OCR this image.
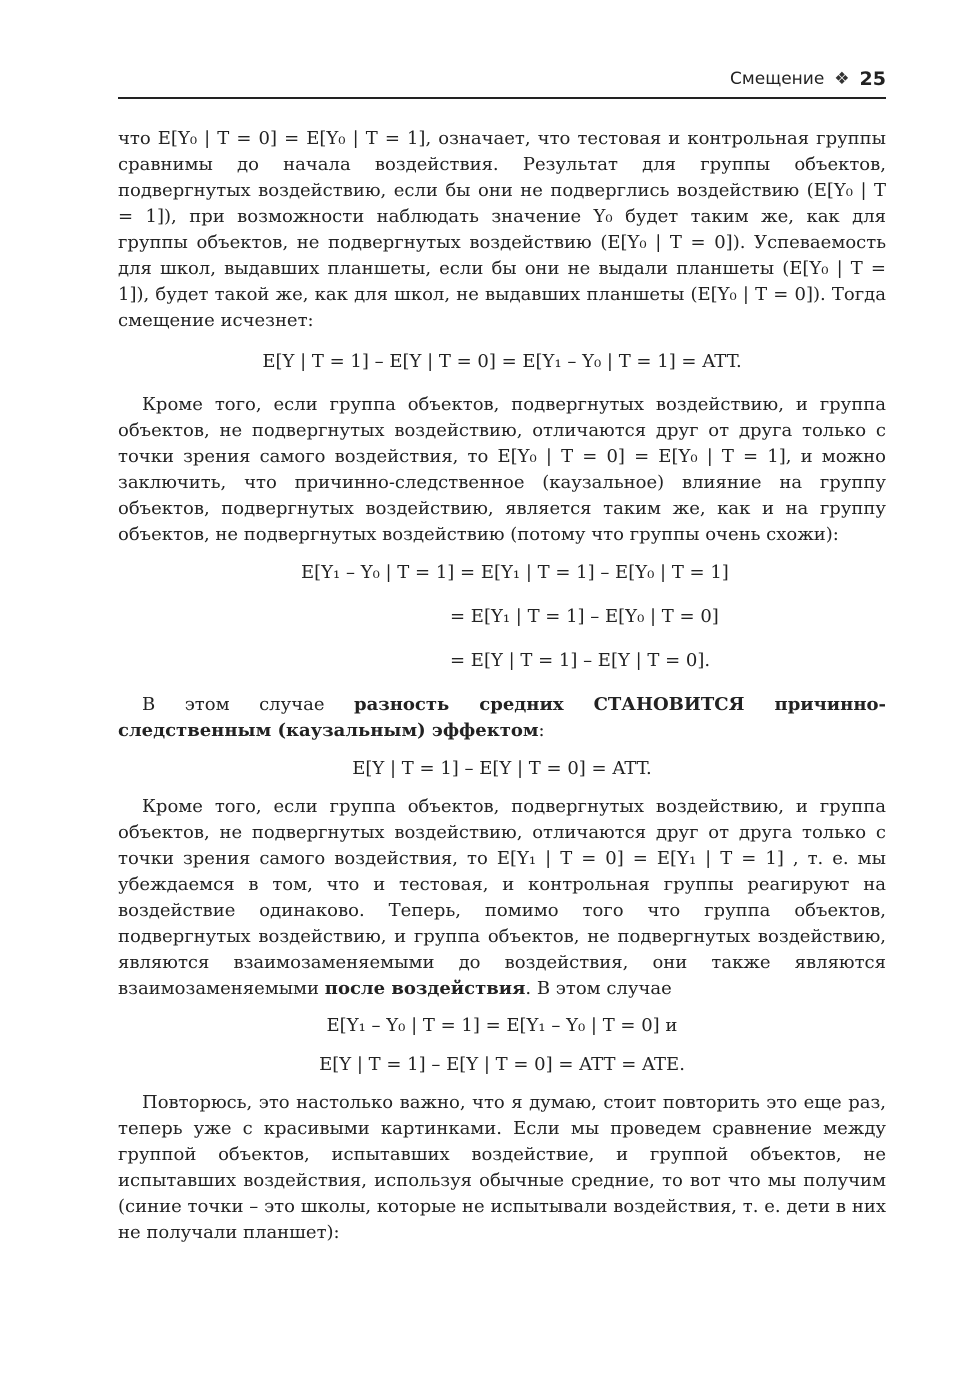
Смещение ❖ 25

что E[Y₀ | T = 0] = E[Y₀ | T = 1], означает, что тестовая и контрольная группы сравнимы до начала воздействия. Результат для группы объектов, подвергнутых воздействию, если бы они не подверглись воздействию (E[Y₀ | T = 1]), при возможности наблюдать значение Y₀ будет таким же, как для группы объектов, не подвергнутых воздействию (E[Y₀ | T = 0]). Успеваемость для школ, выдавших планшеты, если бы они не выдали планшеты (E[Y₀ | T = 1]), будет такой же, как для школ, не выдавших планшеты (E[Y₀ | T = 0]). Тогда смещение исчезнет:

E[Y | T = 1] – E[Y | T = 0] = E[Y₁ – Y₀ | T = 1] = ATT.

Кроме того, если группа объектов, подвергнутых воздействию, и группа объектов, не подвергнутых воздействию, отличаются друг от друга только с точки зрения самого воздействия, то E[Y₀ | T = 0] = E[Y₀ | T = 1], и можно заключить, что причинно-следственное (каузальное) влияние на группу объектов, подвергнутых воздействию, является таким же, как и на группу объектов, не подвергнутых воздействию (потому что группы очень схожи):

E[Y₁ – Y₀ | T = 1] = E[Y₁ | T = 1] – E[Y₀ | T = 1]
= E[Y₁ | T = 1] – E[Y₀ | T = 0]
= E[Y | T = 1] – E[Y | T = 0].

В этом случае разность средних СТАНОВИТСЯ причинно-следственным (каузальным) эффектом:

E[Y | T = 1] – E[Y | T = 0] = ATT.

Кроме того, если группа объектов, подвергнутых воздействию, и группа объектов, не подвергнутых воздействию, отличаются друг от друга только с точки зрения самого воздействия, то E[Y₁ | T = 0] = E[Y₁ | T = 1] , т. е. мы убеждаемся в том, что и тестовая, и контрольная группы реагируют на воздействие одинаково. Теперь, помимо того что группа объектов, подвергнутых воздействию, и группа объектов, не подвергнутых воздействию, являются взаимозаменяемыми до воздействия, они также являются взаимозаменяемыми после воздействия. В этом случае

E[Y₁ – Y₀ | T = 1] = E[Y₁ – Y₀ | T = 0] и
E[Y | T = 1] – E[Y | T = 0] = ATT = ATE.

Повторюсь, это настолько важно, что я думаю, стоит повторить это еще раз, теперь уже с красивыми картинками. Если мы проведем сравнение между группой объектов, испытавших воздействие, и группой объектов, не испытавших воздействия, используя обычные средние, то вот что мы получим (синие точки – это школы, которые не испытывали воздействия, т. е. дети в них не получали планшет):
